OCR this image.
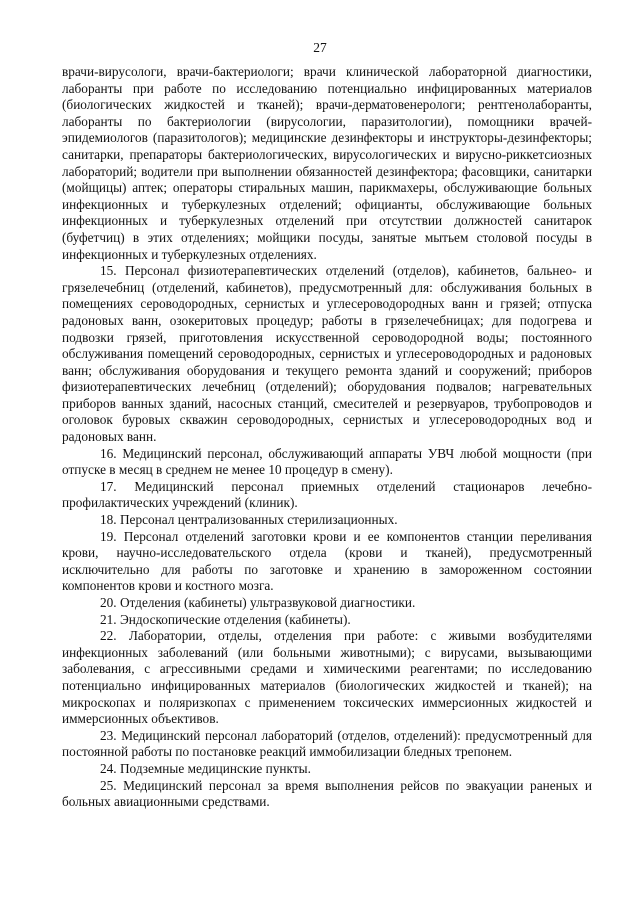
27

врачи-вирусологи, врачи-бактериологи; врачи клинической лабораторной диагностики, лаборанты при работе по исследованию потенциально инфицированных материалов (биологических жидкостей и тканей); врачи-дерматовенерологи; рентгенолаборанты, лаборанты по бактериологии (вирусологии, паразитологии), помощники врачей-эпидемиологов (паразитологов); медицинские дезинфекторы и инструкторы-дезинфекторы; санитарки, препараторы бактериологических, вирусологических и вирусно-риккетсиозных лабораторий; водители при выполнении обязанностей дезинфектора; фасовщики, санитарки (мойщицы) аптек; операторы стиральных машин, парикмахеры, обслуживающие больных инфекционных и туберкулезных отделений; официанты, обслуживающие больных инфекционных и туберкулезных отделений при отсутствии должностей санитарок (буфетчиц) в этих отделениях; мойщики посуды, занятые мытьем столовой посуды в инфекционных и туберкулезных отделениях.

15. Персонал физиотерапевтических отделений (отделов), кабинетов, бальнео- и грязелечебниц (отделений, кабинетов), предусмотренный для: обслуживания больных в помещениях сероводородных, сернистых и углесероводородных ванн и грязей; отпуска радоновых ванн, озокеритовых процедур; работы в грязелечебницах; для подогрева и подвозки грязей, приготовления искусственной сероводородной воды; постоянного обслуживания помещений сероводородных, сернистых и углесероводородных и радоновых ванн; обслуживания оборудования и текущего ремонта зданий и сооружений; приборов физиотерапевтических лечебниц (отделений); оборудования подвалов; нагревательных приборов ванных зданий, насосных станций, смесителей и резервуаров, трубопроводов и оголовок буровых скважин сероводородных, сернистых и углесероводородных вод и радоновых ванн.

16. Медицинский персонал, обслуживающий аппараты УВЧ любой мощности (при отпуске в месяц в среднем не менее 10 процедур в смену).

17. Медицинский персонал приемных отделений стационаров лечебно-профилактических учреждений (клиник).

18. Персонал централизованных стерилизационных.

19. Персонал отделений заготовки крови и ее компонентов станции переливания крови, научно-исследовательского отдела (крови и тканей), предусмотренный исключительно для работы по заготовке и хранению в замороженном состоянии компонентов крови и костного мозга.

20. Отделения (кабинеты) ультразвуковой диагностики.

21. Эндоскопические отделения (кабинеты).

22. Лаборатории, отделы, отделения при работе: с живыми возбудителями инфекционных заболеваний (или больными животными); с вирусами, вызывающими заболевания, с агрессивными средами и химическими реагентами; по исследованию потенциально инфицированных материалов (биологических жидкостей и тканей); на микроскопах и поляризкопах с применением токсических иммерсионных жидкостей и иммерсионных объективов.

23. Медицинский персонал лабораторий (отделов, отделений): предусмотренный для постоянной работы по постановке реакций иммобилизации бледных трепонем.

24. Подземные медицинские пункты.

25. Медицинский персонал за время выполнения рейсов по эвакуации раненых и больных авиационными средствами.
